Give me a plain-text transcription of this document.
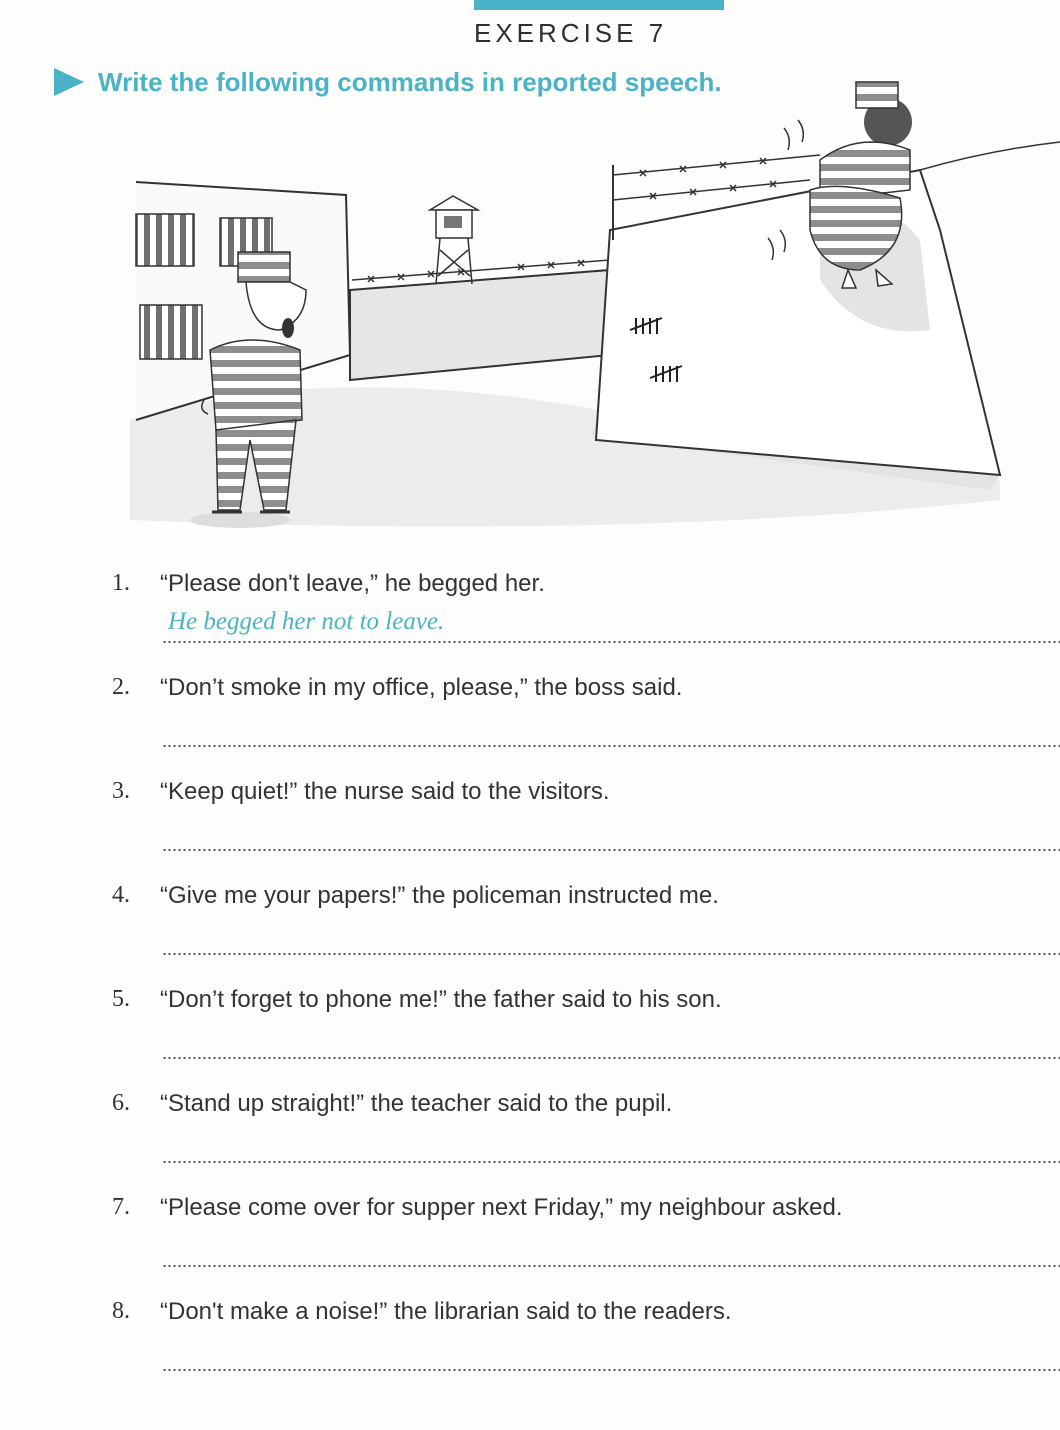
EXERCISE 7
Write the following commands in reported speech.
1. “Please don't leave,” he begged her.
He begged her not to leave.
2. “Don’t smoke in my office, please,” the boss said.
3. “Keep quiet!” the nurse said to the visitors.
4. “Give me your papers!” the policeman instructed me.
5. “Don’t forget to phone me!” the father said to his son.
6. “Stand up straight!” the teacher said to the pupil.
7. “Please come over for supper next Friday,” my neighbour asked.
8. “Don't make a noise!” the librarian said to the readers.
